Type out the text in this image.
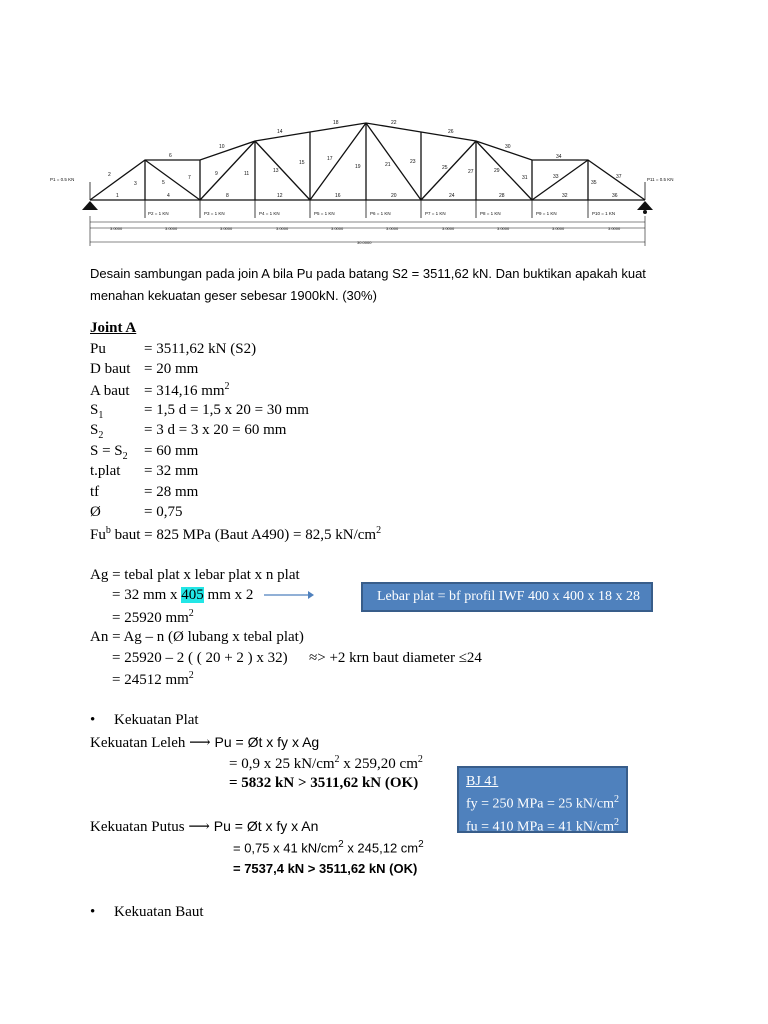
1
2
3
4
5
6
7
8
9
10
11
12
13
14
15
16
17
18
19
20
21
22
23
24
25
26
27
28
29
30
31
32
33
34
35
36
37
P1 = 0.5 KN
P2 = 1 KN	P3 = 1 KN	P4 = 1 KN	P5 = 1 KN	P6 = 1 KN	P7 = 1 KN	P8 = 1 KN	P9 = 1 KN	P10 = 1 KN
P11 = 0.5 KN
3.0000	3.0000	3.0000	3.0000	3.0000	3.0000	3.0000	3.0000	3.0000	3.0000
30.0000
Desain sambungan pada join A bila Pu pada batang S2 = 3511,62 kN. Dan buktikan apakah kuat
menahan kekuatan geser sebesar 1900kN. (30%)
Joint A
Pu	= 3511,62 kN (S2)
D baut = 20 mm
A baut = 314,16 $mm^2$
$S_1$	= 1,5 d = 1,5 x 20 = 30 mm
$S_2$	= 3 d = 3 x 20 = 60 mm
$S = S_2 = 60$ mm
t.plat = 32 mm
tf	= 28 mm
Ø	= 0,75
Fu$^b$ baut = 825 MPa (Baut A490) = 82,5 $kN/cm^2$
Ag = tebal plat x lebar plat x n plat
= 32 mm x 405 mm x 2
= 25920 $mm^2$
An = Ag – n (Ø lubang x tebal plat)
= 25920 – 2 ( ( 20 + 2 ) x 32) ≈> +2 krn baut diameter ≤24
= 24512 $mm^2$
Lebar plat = bf profil IWF 400 x 400 x 18 x 28
• Kekuatan Plat
Kekuatan Leleh ⟶ Pu = Øt x fy x Ag
= 0,9 x 25 $kN/cm^2$ x 259,20 $cm^2$
= 5832 kN > 3511,62 kN (OK)
Kekuatan Putus ⟶ Pu = Øt x fy x An
= 0,75 x 41 $kN/cm^2$ x 245,12 $cm^2$
= 7537,4 kN > 3511,62 kN (OK)
BJ 41
fy = 250 MPa = 25 $kN/cm^2$
fu = 410 MPa = 41 $kN/cm^2$
• Kekuatan Baut
